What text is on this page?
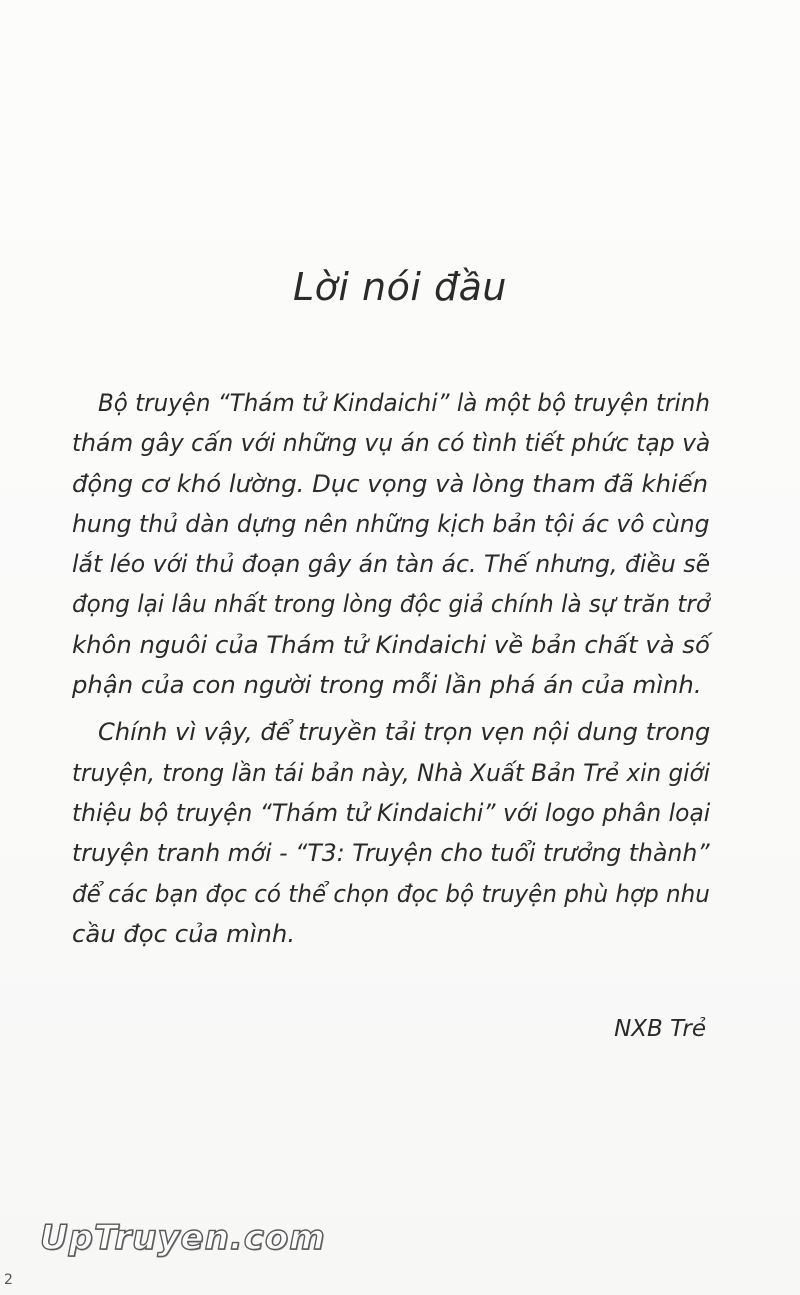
Lời nói đầu

Bộ truyện “Thám tử Kindaichi” là một bộ truyện trinh
thám gây cấn với những vụ án có tình tiết phức tạp và
động cơ khó lường. Dục vọng và lòng tham đã khiến
hung thủ dàn dựng nên những kịch bản tội ác vô cùng
lắt léo với thủ đoạn gây án tàn ác. Thế nhưng, điều sẽ
đọng lại lâu nhất trong lòng độc giả chính là sự trăn trở
khôn nguôi của Thám tử Kindaichi về bản chất và số
phận của con người trong mỗi lần phá án của mình.

Chính vì vậy, để truyền tải trọn vẹn nội dung trong
truyện, trong lần tái bản này, Nhà Xuất Bản Trẻ xin giới
thiệu bộ truyện “Thám tử Kindaichi” với logo phân loại
truyện tranh mới - “T3: Truyện cho tuổi trưởng thành”
để các bạn đọc có thể chọn đọc bộ truyện phù hợp nhu
cầu đọc của mình.

NXB Trẻ
UpTruyen.com
2
